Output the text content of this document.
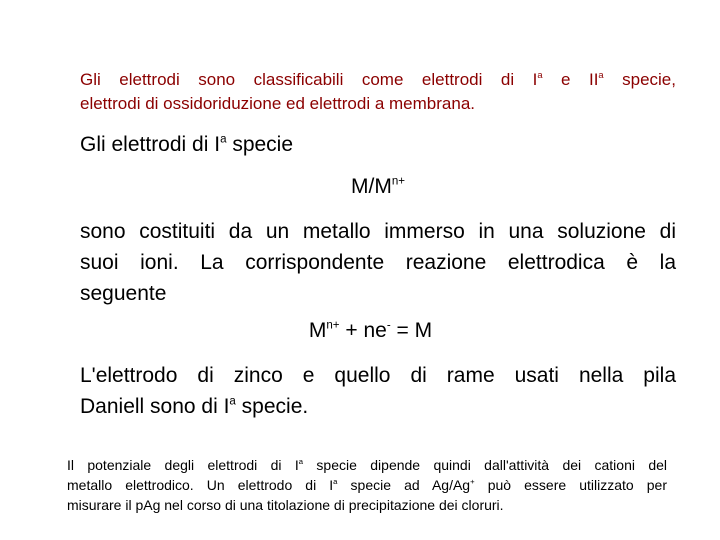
Gli elettrodi sono classificabili come elettrodi di $I^a$ e $II^a$ specie,
elettrodi di ossidoriduzione ed elettrodi a membrana.
Gli elettrodi di $I^a$ specie
$M/M^{n+}$
sono costituiti da un metallo immerso in una soluzione di
suoi ioni. La corrispondente reazione elettrodica è la
seguente
$M^{n+} + ne^- = M$
L'elettrodo di zinco e quello di rame usati nella pila
Daniell sono di $I^a$ specie.
Il potenziale degli elettrodi di $I^a$ specie dipende quindi dall'attività dei cationi del
metallo elettrodico. Un elettrodo di $I^a$ specie ad Ag/Ag+ può essere utilizzato per
misurare il pAg nel corso di una titolazione di precipitazione dei cloruri.
